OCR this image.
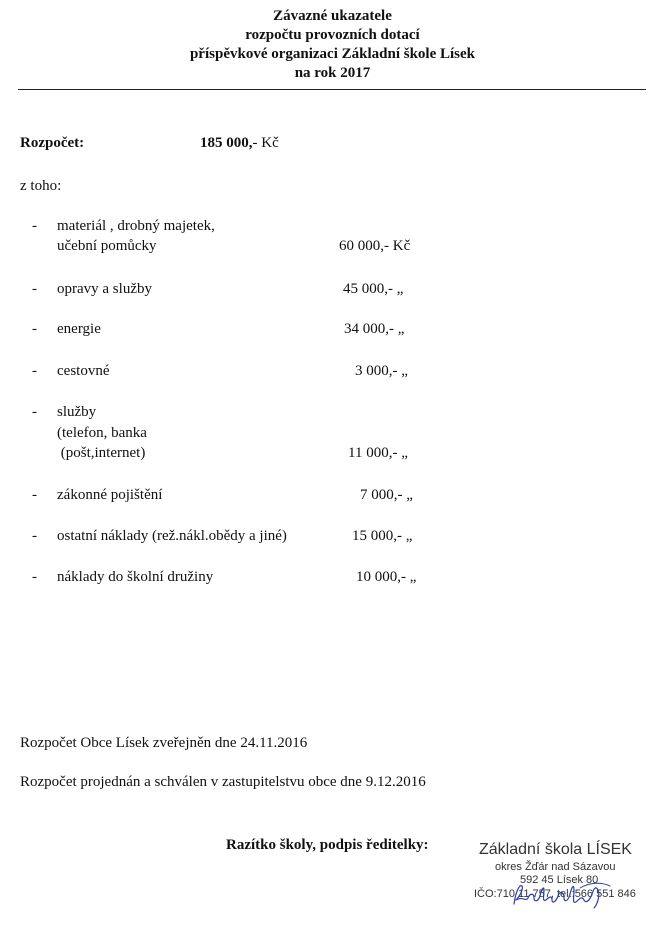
Závazné ukazatele
rozpočtu provozních dotací
příspěvkové organizaci Základní škole Lísek
na rok 2017
Rozpočet:	185 000,- Kč
z toho:
- materiál , drobný majetek,
učební pomůcky	60 000,- Kč
- opravy a služby	45 000,- „
- energie	34 000,- „
- cestovné	3 000,- „
- služby
(telefon, banka
(pošt,internet)	11 000,- „
- zákonné pojištění	7 000,- „
- ostatní náklady (rež.nákl.obědy a jiné)	15 000,- „
- náklady do školní družiny	10 000,- „
Rozpočet Obce Lísek zveřejněn dne 24.11.2016
Rozpočet projednán a schválen v zastupitelstvu obce dne 9.12.2016
Razítko školy, podpis ředitelky:	Základní škola LÍSEK
okres Žďár nad Sázavou
592 45 Lísek 80
IČO:710 11 757, tel.:566 551 846
